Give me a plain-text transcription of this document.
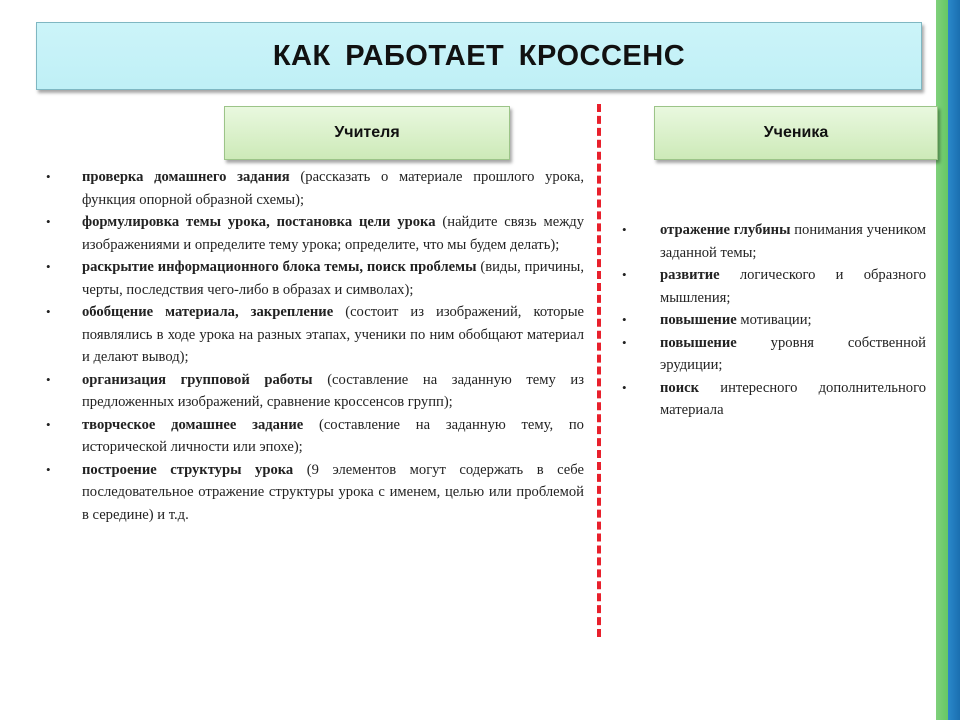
КАК РАБОТАЕТ КРОССЕНС
Учителя	Ученика
• проверка домашнего задания (рассказать о материале прошлого урока, функция опорной образной схемы);
• формулировка темы урока, постановка цели урока (найдите связь между изображениями и определите тему урока; определите, что мы будем делать);
• раскрытие информационного блока темы, поиск проблемы (виды, причины, черты, последствия чего-либо в образах и символах);
• обобщение материала, закрепление (состоит из изображений, которые появлялись в ходе урока на разных этапах, ученики по ним обобщают материал и делают вывод);
• организация групповой работы (составление на заданную тему из предложенных изображений, сравнение кроссенсов групп);
• творческое домашнее задание (составление на заданную тему, по исторической личности или эпохе);
• построение структуры урока (9 элементов могут содержать в себе последовательное отражение структуры урока с именем, целью или проблемой в середине) и т.д.
• отражение глубины понимания учеником заданной темы;
• развитие логического и образного мышления;
• повышение мотивации;
• повышение уровня собственной эрудиции;
• поиск интересного дополнительного материала
